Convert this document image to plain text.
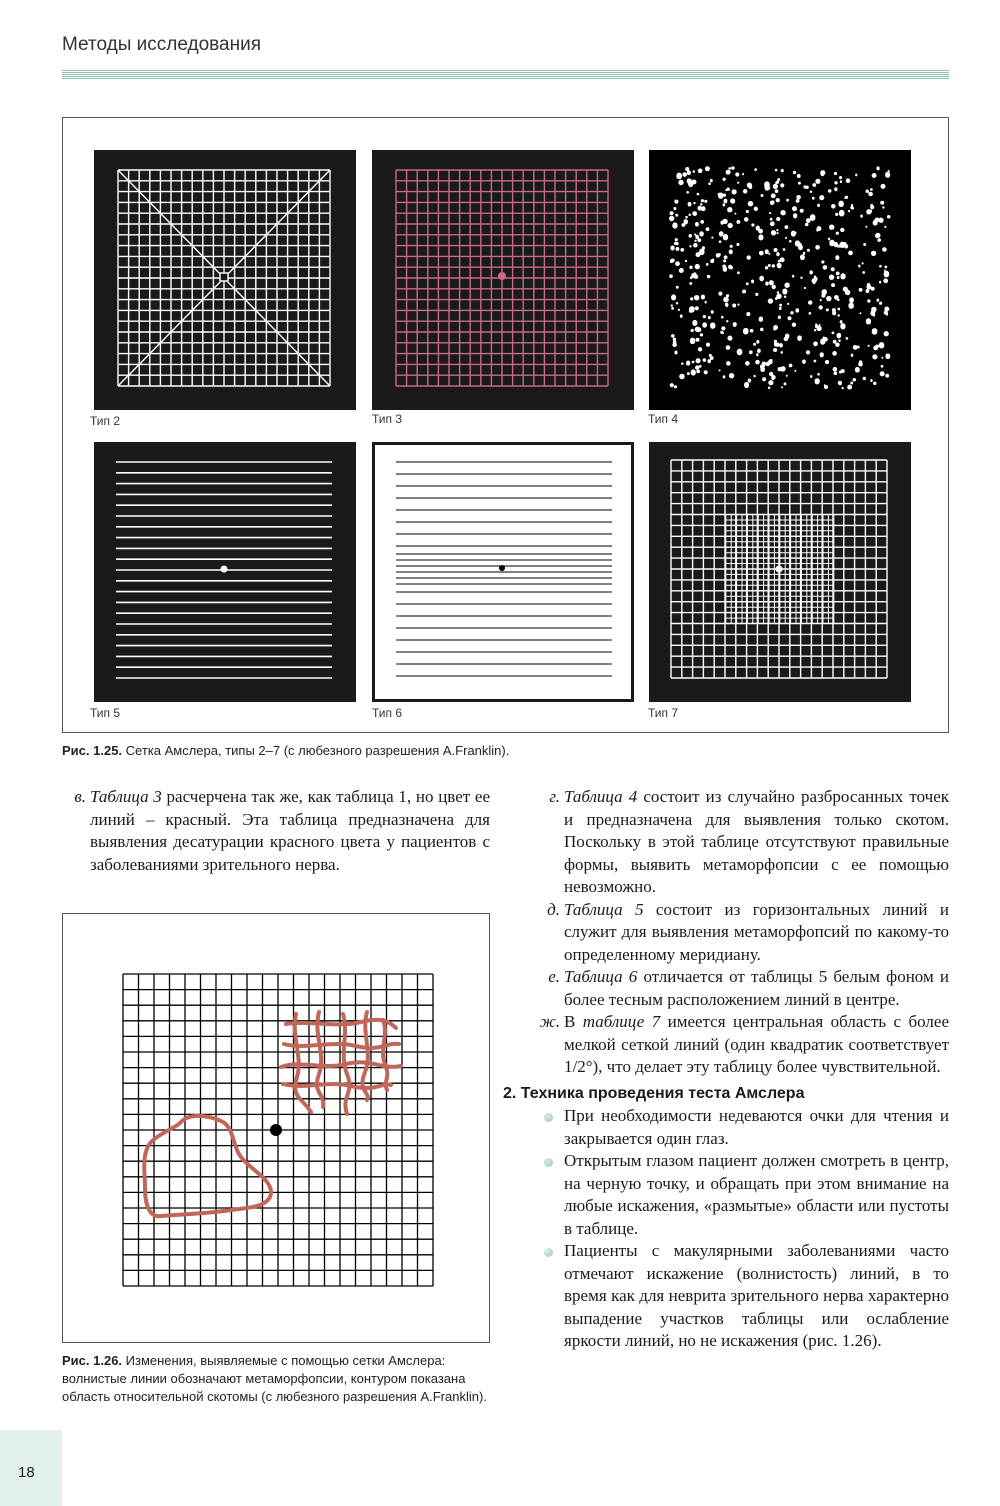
Методы исследования
Тип 2	Тип 3	Тип 4
Тип 5	Тип 6	Тип 7
Рис. 1.25. Сетка Амслера, типы 2–7 (с любезного разрешения A.Franklin).
в. Таблица 3 расчерчена так же, как таблица 1, но цвет ее линий – красный. Эта таблица предназначена для выявления десатурации красного цвета у пациентов с заболеваниями зрительного нерва.
Рис. 1.26. Изменения, выявляемые с помощью сетки Амслера: волнистые линии обозначают метаморфопсии, контуром показана область относительной скотомы (с любезного разрешения A.Franklin).
г. Таблица 4 состоит из случайно разбросанных точек и предназначена для выявления только скотом. Поскольку в этой таблице отсутствуют правильные формы, выявить метаморфопсии с ее помощью невозможно.
д. Таблица 5 состоит из горизонтальных линий и служит для выявления метаморфопсий по какому-то определенному меридиану.
е. Таблица 6 отличается от таблицы 5 белым фоном и более тесным расположением линий в центре.
ж. В таблице 7 имеется центральная область с более мелкой сеткой линий (один квадратик соответствует 1/2°), что делает эту таблицу более чувствительной.
2. Техника проведения теста Амслера
При необходимости недеваются очки для чтения и закрывается один глаз.
Открытым глазом пациент должен смотреть в центр, на черную точку, и обращать при этом внимание на любые искажения, «размытые» области или пустоты в таблице.
Пациенты с макулярными заболеваниями часто отмечают искажение (волнистость) линий, в то время как для неврита зрительного нерва характерно выпадение участков таблицы или ослабление яркости линий, но не искажения (рис. 1.26).
18
